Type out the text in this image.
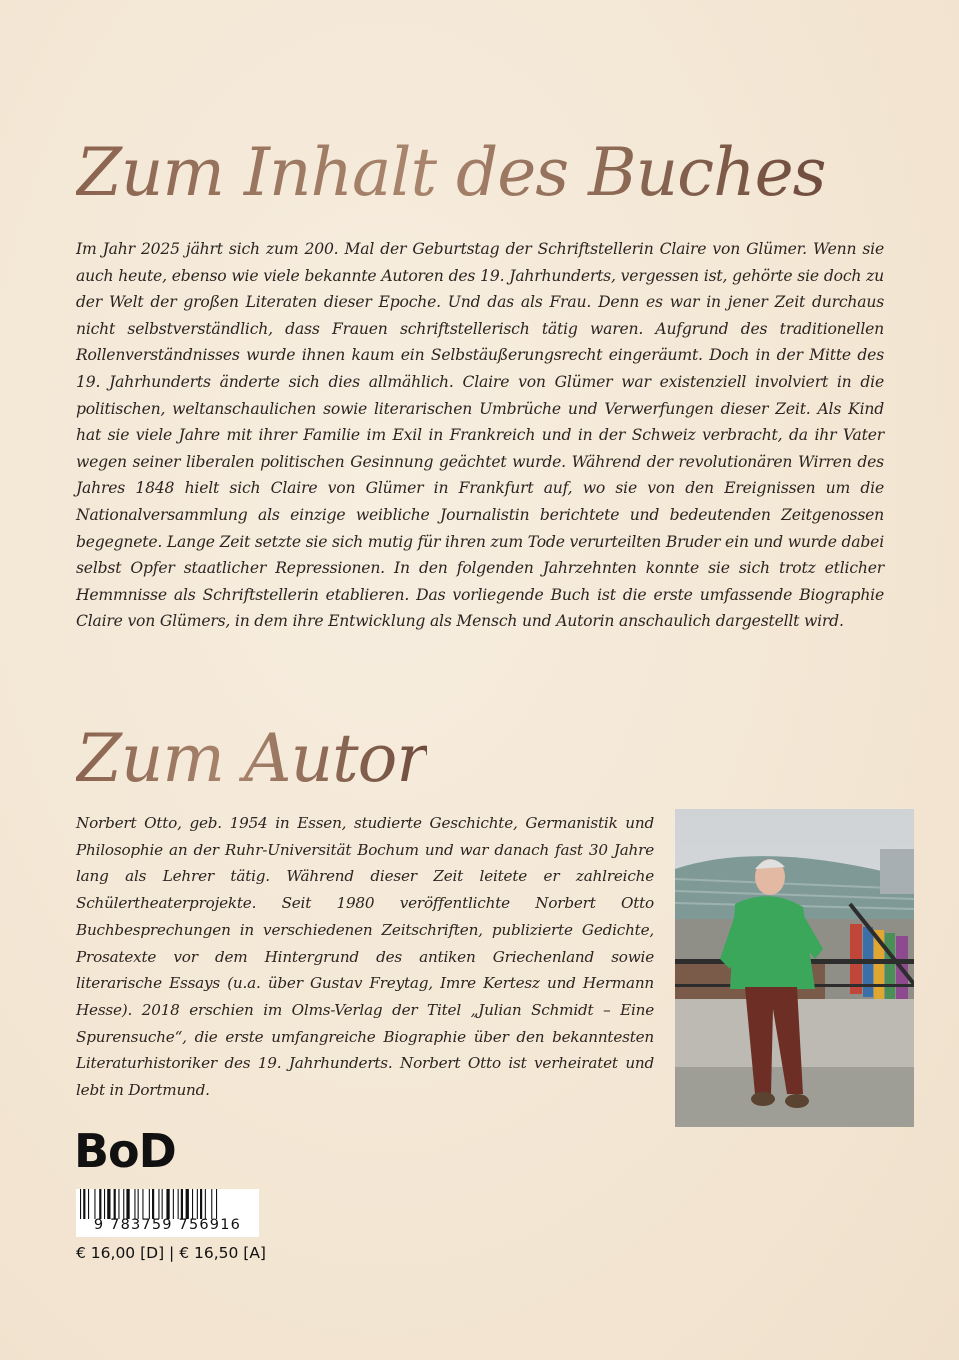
Zum Inhalt des Buches

Im Jahr 2025 jährt sich zum 200. Mal der Geburtstag der Schriftstellerin Claire von Glümer. Wenn sie auch heute, ebenso wie viele bekannte Autoren des 19. Jahrhunderts, vergessen ist, gehörte sie doch zu der Welt der großen Literaten dieser Epoche. Und das als Frau. Denn es war in jener Zeit durchaus nicht selbstverständlich, dass Frauen schriftstellerisch tätig waren. Aufgrund des traditionellen Rollenverständnisses wurde ihnen kaum ein Selbstäußerungsrecht eingeräumt. Doch in der Mitte des 19. Jahrhunderts änderte sich dies allmählich. Claire von Glümer war existenziell involviert in die politischen, weltanschaulichen sowie literarischen Umbrüche und Verwerfungen dieser Zeit. Als Kind hat sie viele Jahre mit ihrer Familie im Exil in Frankreich und in der Schweiz verbracht, da ihr Vater wegen seiner liberalen politischen Gesinnung geächtet wurde. Während der revolutionären Wirren des Jahres 1848 hielt sich Claire von Glümer in Frankfurt auf, wo sie von den Ereignissen um die Nationalversammlung als einzige weibliche Journalistin berichtete und bedeutenden Zeitgenossen begegnete. Lange Zeit setzte sie sich mutig für ihren zum Tode verurteilten Bruder ein und wurde dabei selbst Opfer staatlicher Repressionen. In den folgenden Jahrzehnten konnte sie sich trotz etlicher Hemmnisse als Schriftstellerin etablieren. Das vorliegende Buch ist die erste umfassende Biographie Claire von Glümers, in dem ihre Entwicklung als Mensch und Autorin anschaulich dargestellt wird.

Zum Autor

Norbert Otto, geb. 1954 in Essen, studierte Geschichte, Germanistik und Philosophie an der Ruhr-Universität Bochum und war danach fast 30 Jahre lang als Lehrer tätig. Während dieser Zeit leitete er zahlreiche Schülertheaterprojekte. Seit 1980 veröffentlichte Norbert Otto Buchbesprechungen in verschiedenen Zeitschriften, publizierte Gedichte, Prosatexte vor dem Hintergrund des antiken Griechenland sowie literarische Essays (u.a. über Gustav Freytag, Imre Kertesz und Hermann Hesse). 2018 erschien im Olms-Verlag der Titel „Julian Schmidt – Eine Spurensuche“, die erste umfangreiche Biographie über den bekanntesten Literaturhistoriker des 19. Jahrhunderts. Norbert Otto ist verheiratet und lebt in Dortmund.

BoD
9 783759 756916
€ 16,00 [D] | € 16,50 [A]
